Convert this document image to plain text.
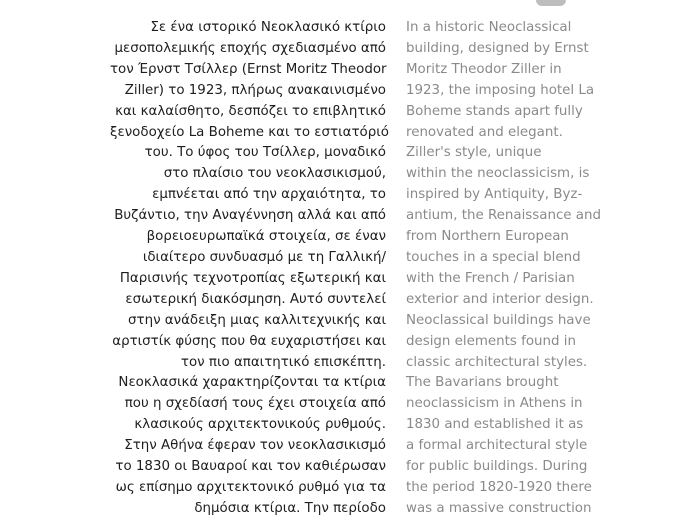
Σε ένα ιστορικό Νεοκλασικό κτίριο
μεσοπολεμικής εποχής σχεδιασμένο από
τον Έρνστ Τσίλλερ (Ernst Moritz Theodor
Ziller) το 1923, πλήρως ανακαινισμένο
και καλαίσθητο, δεσπόζει το επιβλητικό
ξενοδοχείο La Boheme και το εστιατόριό
του. Το ύφος του Τσίλλερ, μοναδικό
στο πλαίσιο του νεοκλασικισμού,
εμπνέεται από την αρχαιότητα, το
Βυζάντιο, την Αναγέννηση αλλά και από
βορειοευρωπαϊκά στοιχεία, σε έναν
ιδιαίτερο συνδυασμό με τη Γαλλική/
Παρισινής τεχνοτροπίας εξωτερική και
εσωτερική διακόσμηση. Αυτό συντελεί
στην ανάδειξη μιας καλλιτεχνικής και
αρτιστίκ φύσης που θα ευχαριστήσει και
τον πιο απαιτητικό επισκέπτη.
Νεοκλασικά χαρακτηρίζονται τα κτίρια
που η σχεδίασή τους έχει στοιχεία από
κλασικούς αρχιτεκτονικούς ρυθμούς.
Στην Αθήνα έφεραν τον νεοκλασικισμό
το 1830 οι Βαυαροί και τον καθιέρωσαν
ως επίσημο αρχιτεκτονικό ρυθμό για τα
δημόσια κτίρια. Την περίοδο
In a historic Neoclassical
building, designed by Ernst
Moritz Theodor Ziller in
1923, the imposing hotel La
Boheme stands apart fully
renovated and elegant.
Ziller's style, unique
within the neoclassicism, is
inspired by Antiquity, Byz-
antium, the Renaissance and
from Northern European
touches in a special blend
with the French / Parisian
exterior and interior design.
Neoclassical buildings have
design elements found in
classic architectural styles.
The Bavarians brought
neoclassicism in Athens in
1830 and established it as
a formal architectural style
for public buildings. During
the period 1820-1920 there
was a massive construction
